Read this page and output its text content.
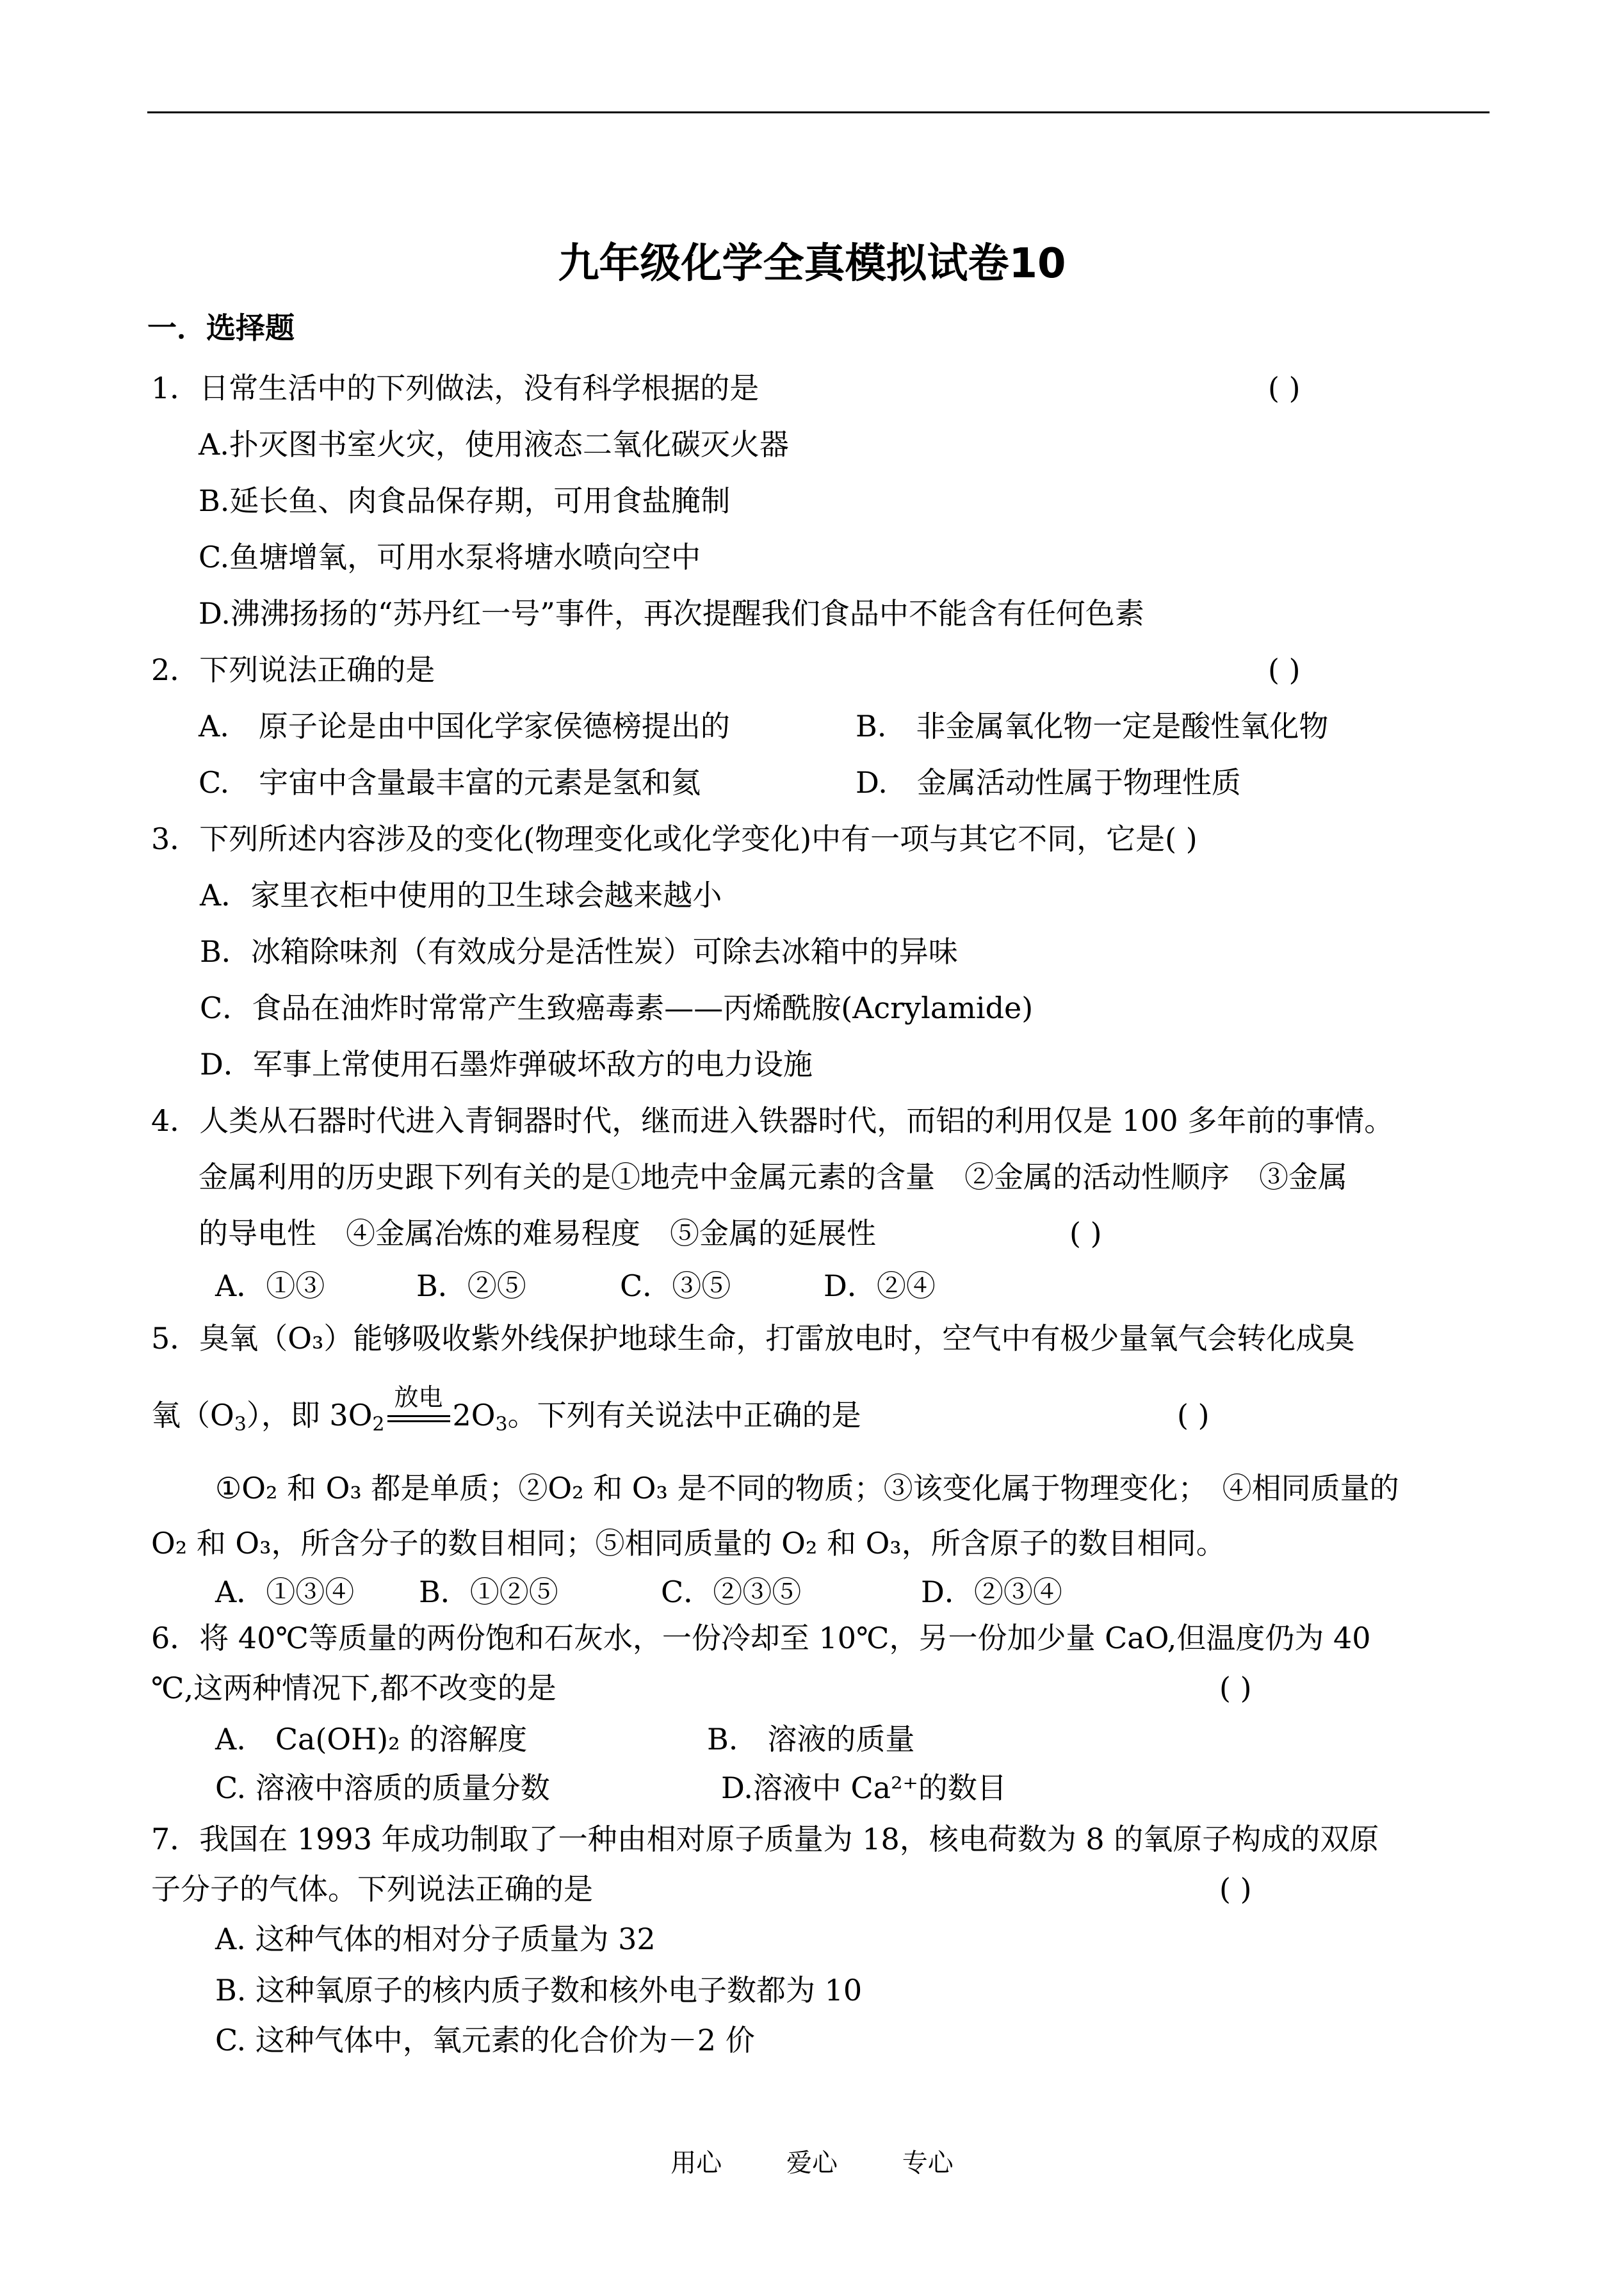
九年级化学全真模拟试卷10
一．选择题
1．日常生活中的下列做法，没有科学根据的是	( )
A.扑灭图书室火灾，使用液态二氧化碳灭火器
B.延长鱼、肉食品保存期，可用食盐腌制
C.鱼塘增氧，可用水泵将塘水喷向空中
D.沸沸扬扬的“苏丹红一号”事件，再次提醒我们食品中不能含有任何色素
2．下列说法正确的是	( )
A.　原子论是由中国化学家侯德榜提出的	B.　非金属氧化物一定是酸性氧化物
C.　宇宙中含量最丰富的元素是氢和氦	D.　金属活动性属于物理性质
3．下列所述内容涉及的变化(物理变化或化学变化)中有一项与其它不同，它是( )
A．家里衣柜中使用的卫生球会越来越小
B．冰箱除味剂（有效成分是活性炭）可除去冰箱中的异味
C．食品在油炸时常常产生致癌毒素——丙烯酰胺(Acrylamide)
D．军事上常使用石墨炸弹破坏敌方的电力设施
4．人类从石器时代进入青铜器时代，继而进入铁器时代，而铝的利用仅是 100 多年前的事情。
金属利用的历史跟下列有关的是①地壳中金属元素的含量　②金属的活动性顺序　③金属
的导电性　④金属冶炼的难易程度　⑤金属的延展性	( )
A．①③	B．②⑤	C．③⑤	D．②④
5．臭氧（O₃）能够吸收紫外线保护地球生命，打雷放电时，空气中有极少量氧气会转化成臭
氧$(O_3)$，即 $3O_2$
放电
$2O_3$。下列有关说法中正确的是	( )
①O₂ 和 O₃ 都是单质；②O₂ 和 O₃ 是不同的物质；③该变化属于物理变化；　④相同质量的
O₂ 和 O₃，所含分子的数目相同；⑤相同质量的 O₂ 和 O₃，所含原子的数目相同。
A．①③④ B．①②⑤	C．②③⑤	D．②③④
6．将 40℃等质量的两份饱和石灰水，一份冷却至 10℃，另一份加少量 CaO,但温度仍为 40
℃,这两种情况下,都不改变的是	( )
A.　Ca(OH)₂ 的溶解度	B.　溶液的质量
C. 溶液中溶质的质量分数	D.溶液中 Ca²⁺的数目
7．我国在 1993 年成功制取了一种由相对原子质量为 18，核电荷数为 8 的氧原子构成的双原
子分子的气体。下列说法正确的是	( )
A. 这种气体的相对分子质量为 32
B. 这种氧原子的核内质子数和核外电子数都为 10
C. 这种气体中，氧元素的化合价为－2 价
用心	爱心	专心
